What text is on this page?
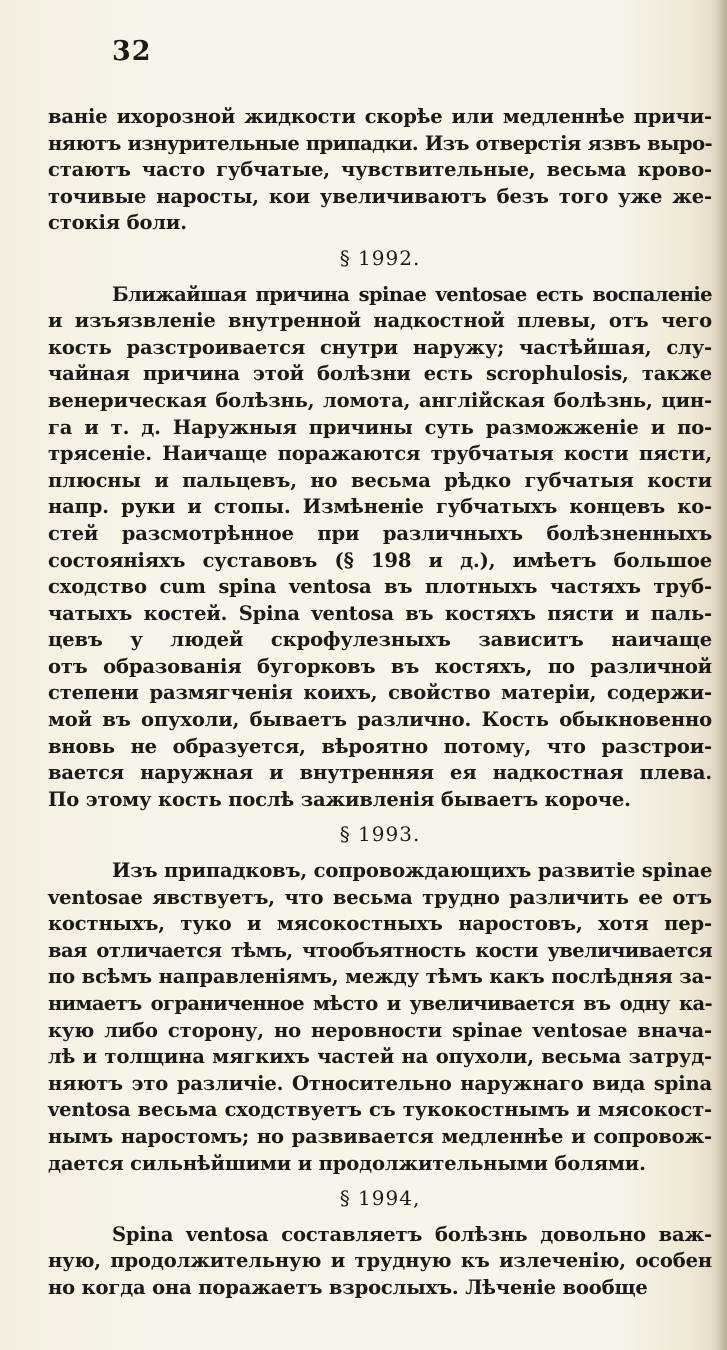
32
ваніе ихорозной жидкости скорѣе или медленнѣе причи-
няютъ изнурительные припадки. Изъ отверстія язвъ выро-
стаютъ часто губчатые, чувствительные, весьма крово-
точивые наросты, кои увеличиваютъ безъ того уже же-
стокія боли.
§ 1992.
Ближайшая причина spinae ventosae есть воспаленіе
и изъязвленіе внутренной надкостной плевы, отъ чего
кость разстроивается снутри наружу; частѣйшая, слу-
чайная причина этой болѣзни есть scrophulosis, также
венерическая болѣзнь, ломота, англійская болѣзнь, цин-
га и т. д. Наружныя причины суть разможженіе и по-
трясеніе. Наичаще поражаются трубчатыя кости пясти,
плюсны и пальцевъ, но весьма рѣдко губчатыя кости
напр. руки и стопы. Измѣненіе губчатыхъ концевъ ко-
стей разсмотрѣнное при различныхъ болѣзненныхъ
состояніяхъ суставовъ (§ 198 и д.), имѣетъ большое
сходство cum spina ventosa въ плотныхъ частяхъ труб-
чатыхъ костей. Spina ventosa въ костяхъ пясти и паль-
цевъ у людей скрофулезныхъ зависитъ наичаще
отъ образованія бугорковъ въ костяхъ, по различной
степени размягченія коихъ, свойство матеріи, содержи-
мой въ опухоли, бываетъ различно. Кость обыкновенно
вновь не образуется, вѣроятно потому, что разстрои-
вается наружная и внутренняя ея надкостная плева.
По этому кость послѣ заживленія бываетъ короче.
§ 1993.
Изъ припадковъ, сопровождающихъ развитіе spinae
ventosae явствуетъ, что весьма трудно различить ее отъ
костныхъ, туко и мясокостныхъ наростовъ, хотя пер-
вая отличается тѣмъ, чтообъятность кости увеличивается
по всѣмъ направленіямъ, между тѣмъ какъ послѣдняя за-
нимаетъ ограниченное мѣсто и увеличивается въ одну ка-
кую либо сторону, но неровности spinae ventosae вначa-
лѣ и толщина мягкихъ частей на опухоли, весьма затруд-
няютъ это различіе. Относительно наружнаго вида spina
ventosa весьма сходствуетъ съ тукокостнымъ и мясокост-
нымъ наростомъ; но развивается медленнѣе и сопровож-
дается сильнѣйшими и продолжительными болями.
§ 1994,
Spina ventosa составляетъ болѣзнь довольно важ-
ную, продолжительную и трудную къ излеченію, особен
но когда она поражаетъ взрослыхъ. Лѣченіе вообще
